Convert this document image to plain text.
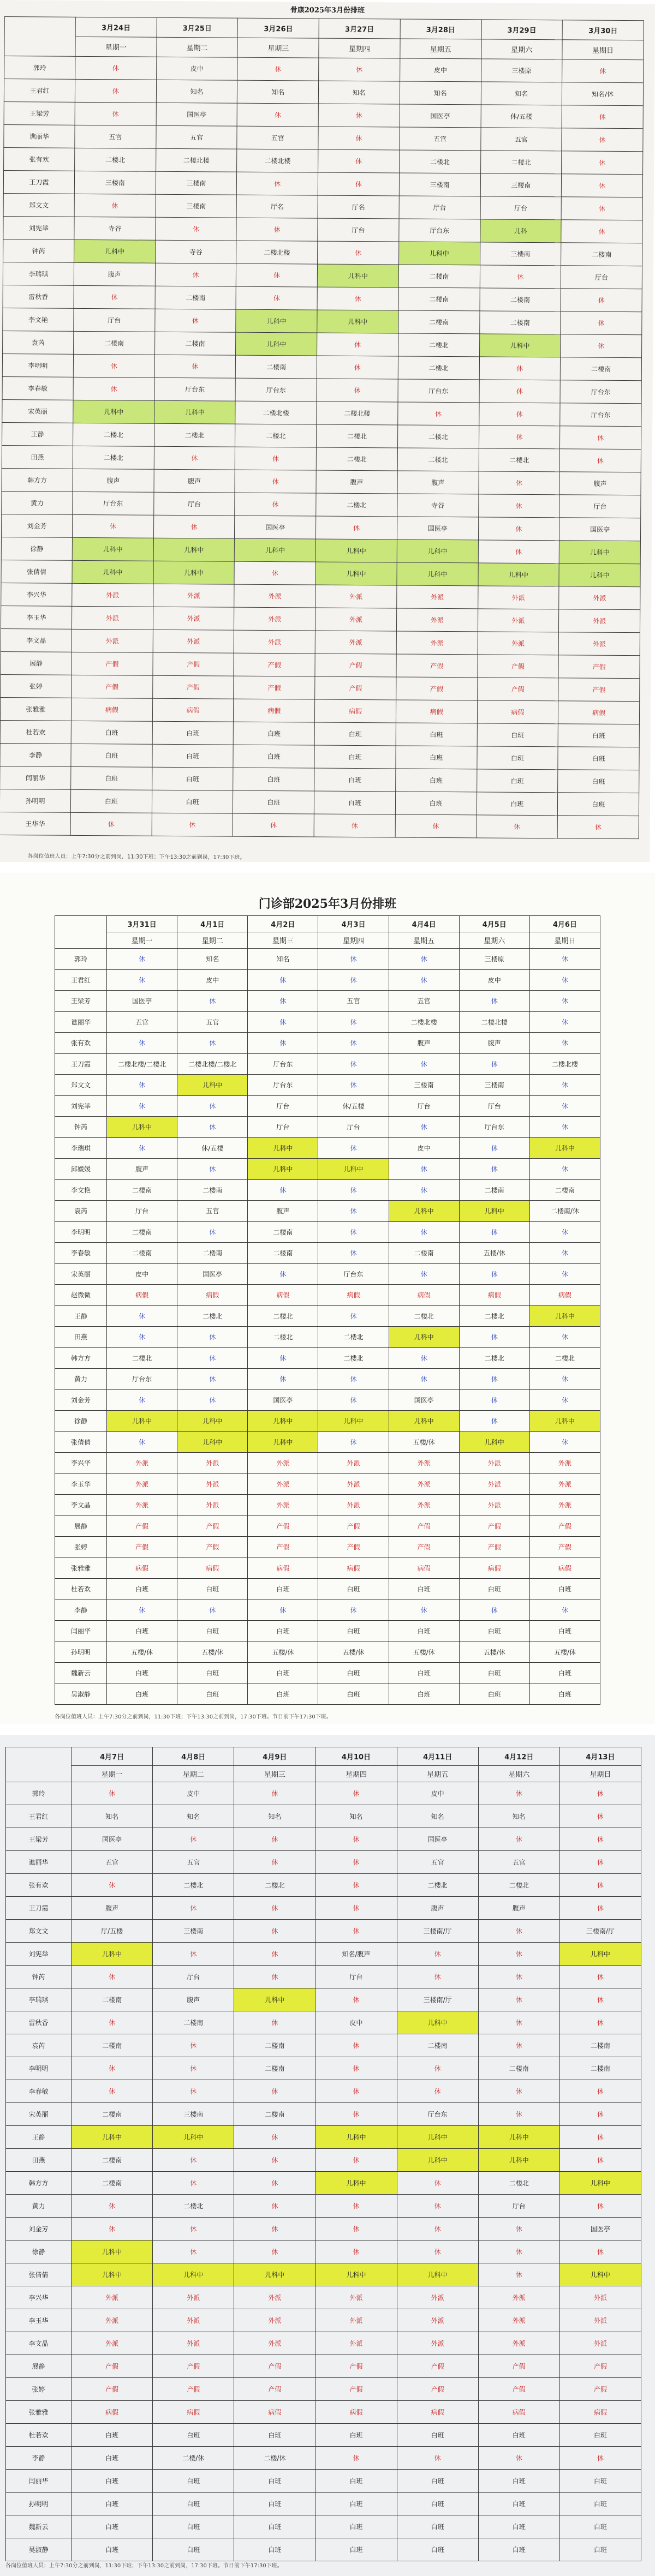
骨康2025年3月份排班
	3月24日	3月25日	3月26日	3月27日	3月28日	3月29日	3月30日
	星期一	星期二	星期三	星期四	星期五	星期六	星期日
郭玲	休	皮中	休	休	皮中	三楼原	休
王君红	休	知名	知名	知名	知名	知名	知名/休
王梁芳	休	国医亭	休	休	国医亭	休/五楼	休
谯丽华	五官	五官	五官	休	五官	五官	休
张有欢	二楼北	二楼北楼	二楼北楼	休	二楼北	二楼北	休
王刀霞	三楼南	三楼南	休	休	三楼南	三楼南	休
郑文文	休	三楼南	厅名	厅名	厅台	厅台	休
刘宪举	寺谷	休	休	厅台	厅台东	儿科	休
钟芮	儿科中	寺谷	二楼北楼	休	儿科中	三楼南	二楼南
李瑞琪	腹声	休	休	儿科中	二楼南	休	厅台
雷秋香	休	二楼南	休	休	二楼南	二楼南	休
李文艳	厅台	休	儿科中	儿科中	二楼南	二楼南	休
袁芮	二楼南	二楼南	儿科中	休	二楼北	儿科中	休
李明明	休	休	二楼南	休	二楼北	休	二楼南
李春敏	休	厅台东	厅台东	休	厅台东	休	厅台东
宋英丽	儿科中	儿科中	二楼北楼	二楼北楼	休	休	厅台东
王静	二楼北	二楼北	二楼北	二楼北	二楼北	休	休
田燕	二楼北	休	休	二楼北	二楼北	二楼北	休
韩方方	腹声	腹声	休	腹声	腹声	休	腹声
黄力	厅台东	厅台	休	二楼北	寺谷	休	厅台
刘金芳	休	休	国医亭	休	国医亭	休	国医亭
徐静	儿科中	儿科中	儿科中	儿科中	儿科中	休	儿科中
张倩倩	儿科中	儿科中	休	儿科中	儿科中	儿科中	儿科中
李兴华	外派	外派	外派	外派	外派	外派	外派
李玉华	外派	外派	外派	外派	外派	外派	外派
李文晶	外派	外派	外派	外派	外派	外派	外派
展静	产假	产假	产假	产假	产假	产假	产假
张婷	产假	产假	产假	产假	产假	产假	产假
张雅雅	病假	病假	病假	病假	病假	病假	病假
杜若欢	白班	白班	白班	白班	白班	白班	白班
李静	白班	白班	白班	白班	白班	白班	白班
闫丽华	白班	白班	白班	白班	白班	白班	白班
孙明明	白班	白班	白班	白班	白班	白班	白班
王华华	休	休	休	休	休	休	休
各岗位值班人员：上午7:30分之前到岗，11:30下班；下午13:30之前到岗，17:30下班。
门诊部2025年3月份排班
	3月31日	4月1日	4月2日	4月3日	4月4日	4月5日	4月6日
	星期一	星期二	星期三	星期四	星期五	星期六	星期日
郭玲	休	知名	知名	休	休	三楼原	休
王君红	休	皮中	休	休	休	皮中	休
王梁芳	国医亭	休	休	五官	五官	休	休
谯丽华	五官	五官	休	休	二楼北楼	二楼北楼	休
张有欢	休	休	休	休	腹声	腹声	休
王刀霞	二楼北楼/二楼北	二楼北楼/二楼北	厅台东	休	休	休	二楼北楼
郑文文	休	儿科中	厅台东	休	三楼南	三楼南	休
刘宪举	休	休	厅台	休/五楼	厅台	厅台	休
钟芮	儿科中	休	厅台	厅台	休	厅台东	休
李瑞琪	休	休/五楼	儿科中	休	皮中	休	儿科中
邱媛媛	腹声	休	儿科中	儿科中	休	休	休
李文艳	二楼南	二楼南	休	休	休	二楼南	二楼南
袁芮	厅台	五官	腹声	休	儿科中	儿科中	二楼南/休
李明明	二楼南	休	二楼南	休	休	休	休
李春敏	二楼南	二楼南	二楼南	休	二楼南	五楼/休	休
宋英丽	皮中	国医亭	休	厅台东	休	休	休
赵微微	病假	病假	病假	病假	病假	病假	病假
王静	休	二楼北	二楼北	休	二楼北	二楼北	儿科中
田燕	休	休	二楼北	二楼北	儿科中	休	休
韩方方	二楼北	休	休	二楼北	休	二楼北	二楼北
黄力	厅台东	休	休	休	休	休	休
刘金芳	休	休	国医亭	休	国医亭	休	休
徐静	儿科中	儿科中	儿科中	儿科中	儿科中	休	儿科中
张倩倩	休	儿科中	儿科中	休	五楼/休	儿科中	休
李兴华	外派	外派	外派	外派	外派	外派	外派
李玉华	外派	外派	外派	外派	外派	外派	外派
李文晶	外派	外派	外派	外派	外派	外派	外派
展静	产假	产假	产假	产假	产假	产假	产假
张婷	产假	产假	产假	产假	产假	产假	产假
张雅雅	病假	病假	病假	病假	病假	病假	病假
杜若欢	白班	白班	白班	白班	白班	白班	白班
李静	休	休	休	休	休	休	休
闫丽华	白班	白班	白班	白班	白班	白班	白班
孙明明	五楼/休	五楼/休	五楼/休	五楼/休	五楼/休	五楼/休	五楼/休
魏新云	白班	白班	白班	白班	白班	白班	白班
吴淑静	白班	白班	白班	白班	白班	白班	白班
各岗位值班人员：上午7:30分之前到岗，11:30下班；下午13:30之前到岗，17:30下班。节日前下午17:30下班。
	4月7日	4月8日	4月9日	4月10日	4月11日	4月12日	4月13日
	星期一	星期二	星期三	星期四	星期五	星期六	星期日
郭玲	休	皮中	休	休	皮中	休	休
王君红	知名	知名	知名	知名	知名	知名	休
王梁芳	国医亭	休	休	休	国医亭	休	休
谯丽华	五官	五官	休	休	五官	五官	休
张有欢	休	二楼北	二楼北	休	二楼北	二楼北	休
王刀霞	腹声	休	休	休	腹声	腹声	休
郑文文	厅/五楼	三楼南	休	休	三楼南/厅	休	三楼南/厅
刘宪举	儿科中	休	休	知名/腹声	休	休	儿科中
钟芮	休	厅台	休	厅台	休	休	休
李瑞琪	二楼南	腹声	儿科中	休	三楼南/厅	休	休
雷秋香	休	二楼南	休	皮中	儿科中	休	休
袁芮	二楼南	休	二楼南	休	二楼南	休	二楼南
李明明	休	休	二楼南	休	休	二楼南	二楼南
李春敏	休	休	休	休	休	休	休
宋英丽	二楼南	三楼南	二楼南	休	厅台东	休	休
王静	儿科中	儿科中	休	儿科中	儿科中	儿科中	休
田燕	二楼南	休	休	休	儿科中	儿科中	休
韩方方	二楼南	休	休	儿科中	休	二楼北	儿科中
黄力	休	二楼北	休	休	休	厅台	休
刘金芳	休	休	休	休	休	休	国医亭
徐静	儿科中	休	休	休	休	休	休
张倩倩	儿科中	儿科中	儿科中	儿科中	儿科中	休	儿科中
李兴华	外派	外派	外派	外派	外派	外派	外派
李玉华	外派	外派	外派	外派	外派	外派	外派
李文晶	外派	外派	外派	外派	外派	外派	外派
展静	产假	产假	产假	产假	产假	产假	产假
张婷	产假	产假	产假	产假	产假	产假	产假
张雅雅	病假	病假	病假	病假	病假	病假	病假
杜若欢	白班	白班	白班	白班	白班	白班	白班
李静	白班	二楼/休	二楼/休	休	休	休	休
闫丽华	白班	白班	白班	白班	白班	白班	白班
孙明明	白班	白班	白班	白班	白班	白班	白班
魏新云	白班	白班	白班	白班	白班	白班	白班
吴淑静	白班	白班	白班	白班	白班	白班	白班
各岗位值班人员：上午7:30分之前到岗，11:30下班；下午13:30之前到岗，17:30下班。节日前下午17:30下班。
